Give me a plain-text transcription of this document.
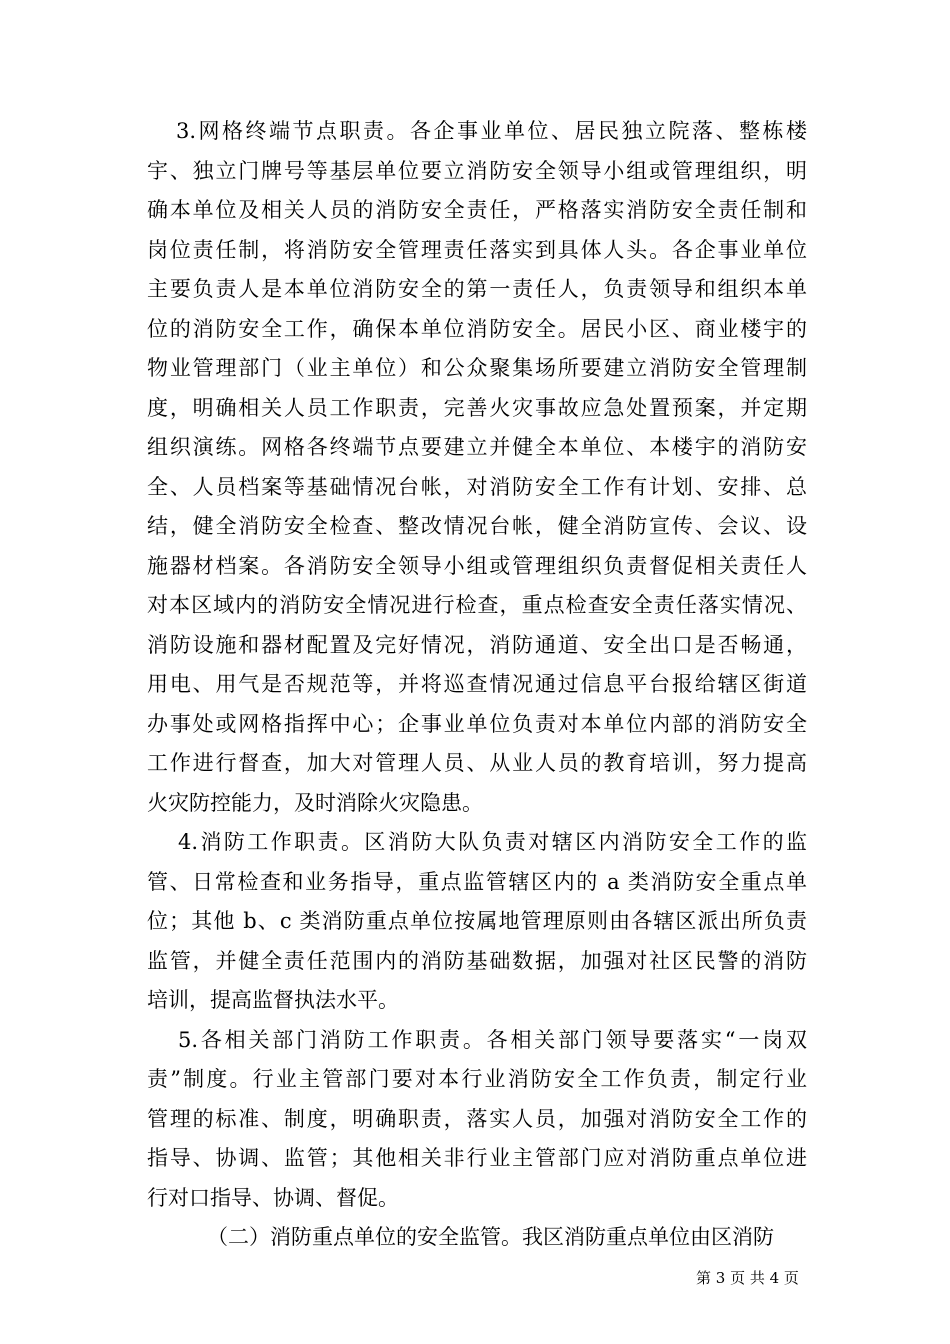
3.网格终端节点职责。各企事业单位、居民独立院落、整栋楼
宇、独立门牌号等基层单位要立消防安全领导小组或管理组织，明
确本单位及相关人员的消防安全责任，严格落实消防安全责任制和
岗位责任制，将消防安全管理责任落实到具体人头。各企事业单位
主要负责人是本单位消防安全的第一责任人，负责领导和组织本单
位的消防安全工作，确保本单位消防安全。居民小区、商业楼宇的
物业管理部门（业主单位）和公众聚集场所要建立消防安全管理制
度，明确相关人员工作职责，完善火灾事故应急处置预案，并定期
组织演练。网格各终端节点要建立并健全本单位、本楼宇的消防安
全、人员档案等基础情况台帐，对消防安全工作有计划、安排、总
结，健全消防安全检查、整改情况台帐，健全消防宣传、会议、设
施器材档案。各消防安全领导小组或管理组织负责督促相关责任人
对本区域内的消防安全情况进行检查，重点检查安全责任落实情况、
消防设施和器材配置及完好情况，消防通道、安全出口是否畅通，
用电、用气是否规范等，并将巡查情况通过信息平台报给辖区街道
办事处或网格指挥中心；企事业单位负责对本单位内部的消防安全
工作进行督查，加大对管理人员、从业人员的教育培训，努力提高
火灾防控能力，及时消除火灾隐患。
4.消防工作职责。区消防大队负责对辖区内消防安全工作的监
管、日常检查和业务指导，重点监管辖区内的 a 类消防安全重点单
位；其他 b、c 类消防重点单位按属地管理原则由各辖区派出所负责
监管，并健全责任范围内的消防基础数据，加强对社区民警的消防
培训，提高监督执法水平。
5.各相关部门消防工作职责。各相关部门领导要落实“一岗双
责”制度。行业主管部门要对本行业消防安全工作负责，制定行业
管理的标准、制度，明确职责，落实人员，加强对消防安全工作的
指导、协调、监管；其他相关非行业主管部门应对消防重点单位进
行对口指导、协调、督促。
（二）消防重点单位的安全监管。我区消防重点单位由区消防
第 3 页 共 4 页
